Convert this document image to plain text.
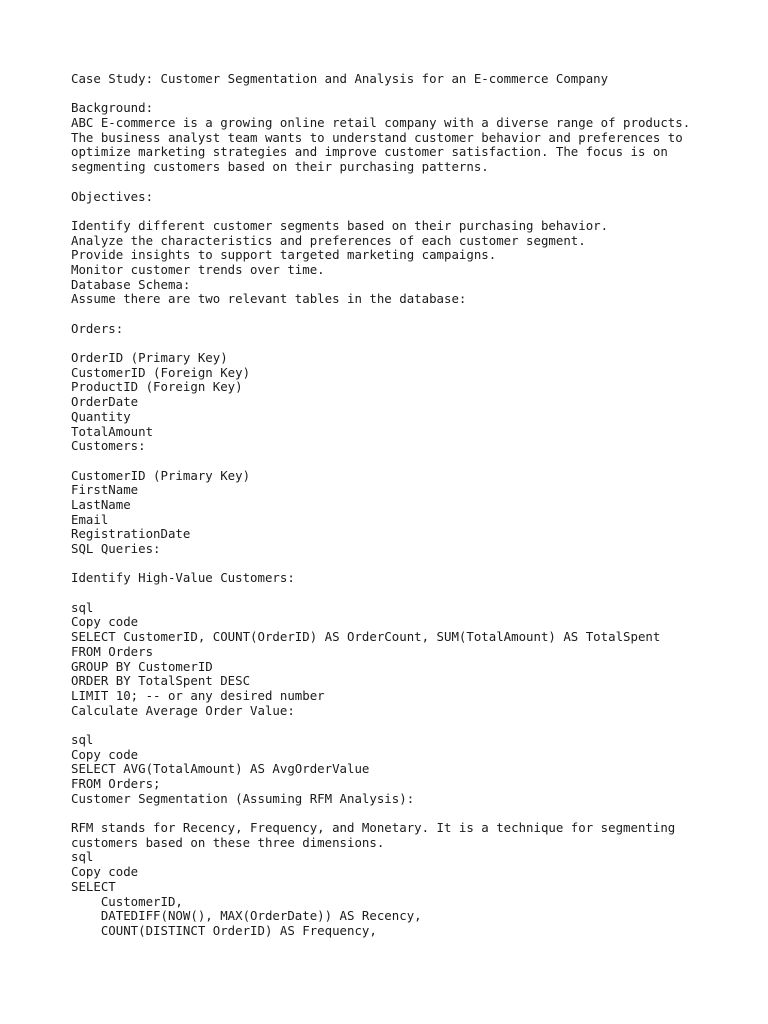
Case Study: Customer Segmentation and Analysis for an E-commerce Company
Background:
ABC E-commerce is a growing online retail company with a diverse range of products.
The business analyst team wants to understand customer behavior and preferences to
optimize marketing strategies and improve customer satisfaction. The focus is on
segmenting customers based on their purchasing patterns.
Objectives:
Identify different customer segments based on their purchasing behavior.
Analyze the characteristics and preferences of each customer segment.
Provide insights to support targeted marketing campaigns.
Monitor customer trends over time.
Database Schema:
Assume there are two relevant tables in the database:
Orders:
OrderID (Primary Key)
CustomerID (Foreign Key)
ProductID (Foreign Key)
OrderDate
Quantity
TotalAmount
Customers:
CustomerID (Primary Key)
FirstName
LastName
Email
RegistrationDate
SQL Queries:
Identify High-Value Customers:
sql
Copy code
SELECT CustomerID, COUNT(OrderID) AS OrderCount, SUM(TotalAmount) AS TotalSpent
FROM Orders
GROUP BY CustomerID
ORDER BY TotalSpent DESC
LIMIT 10; -- or any desired number
Calculate Average Order Value:
sql
Copy code
SELECT AVG(TotalAmount) AS AvgOrderValue
FROM Orders;
Customer Segmentation (Assuming RFM Analysis):
RFM stands for Recency, Frequency, and Monetary. It is a technique for segmenting
customers based on these three dimensions.
sql
Copy code
SELECT
CustomerID,
DATEDIFF(NOW(), MAX(OrderDate)) AS Recency,
COUNT(DISTINCT OrderID) AS Frequency,
